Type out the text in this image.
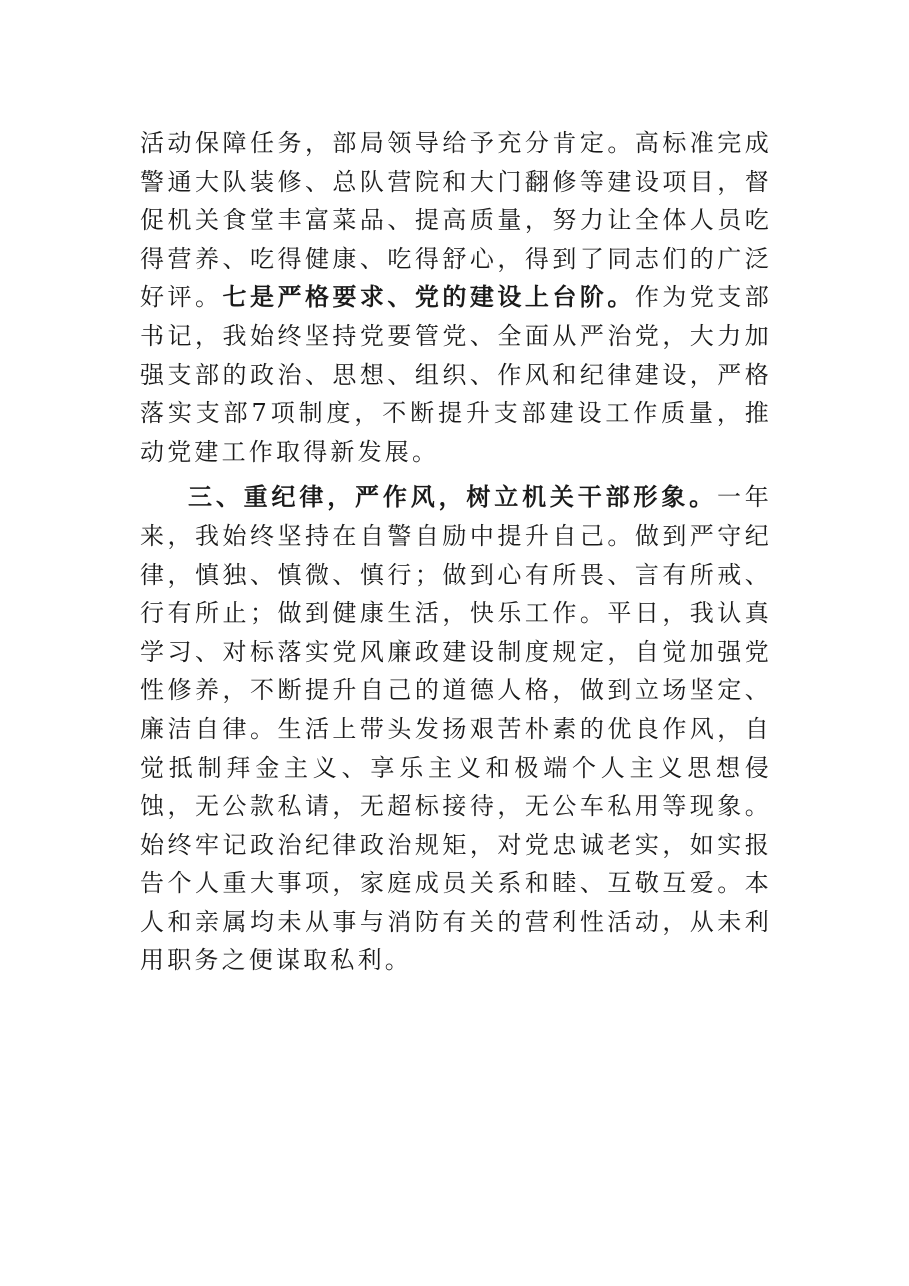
活动保障任务，部局领导给予充分肯定。高标准完成警通大队装修、总队营院和大门翻修等建设项目，督促机关食堂丰富菜品、提高质量，努力让全体人员吃得营养、吃得健康、吃得舒心，得到了同志们的广泛好评。七是严格要求、党的建设上台阶。作为党支部书记，我始终坚持党要管党、全面从严治党，大力加强支部的政治、思想、组织、作风和纪律建设，严格落实支部7项制度，不断提升支部建设工作质量，推动党建工作取得新发展。

三、重纪律，严作风，树立机关干部形象。一年来，我始终坚持在自警自励中提升自己。做到严守纪律，慎独、慎微、慎行；做到心有所畏、言有所戒、行有所止；做到健康生活，快乐工作。平日，我认真学习、对标落实党风廉政建设制度规定，自觉加强党性修养，不断提升自己的道德人格，做到立场坚定、廉洁自律。生活上带头发扬艰苦朴素的优良作风，自觉抵制拜金主义、享乐主义和极端个人主义思想侵蚀，无公款私请，无超标接待，无公车私用等现象。始终牢记政治纪律政治规矩，对党忠诚老实，如实报告个人重大事项，家庭成员关系和睦、互敬互爱。本人和亲属均未从事与消防有关的营利性活动，从未利用职务之便谋取私利。
